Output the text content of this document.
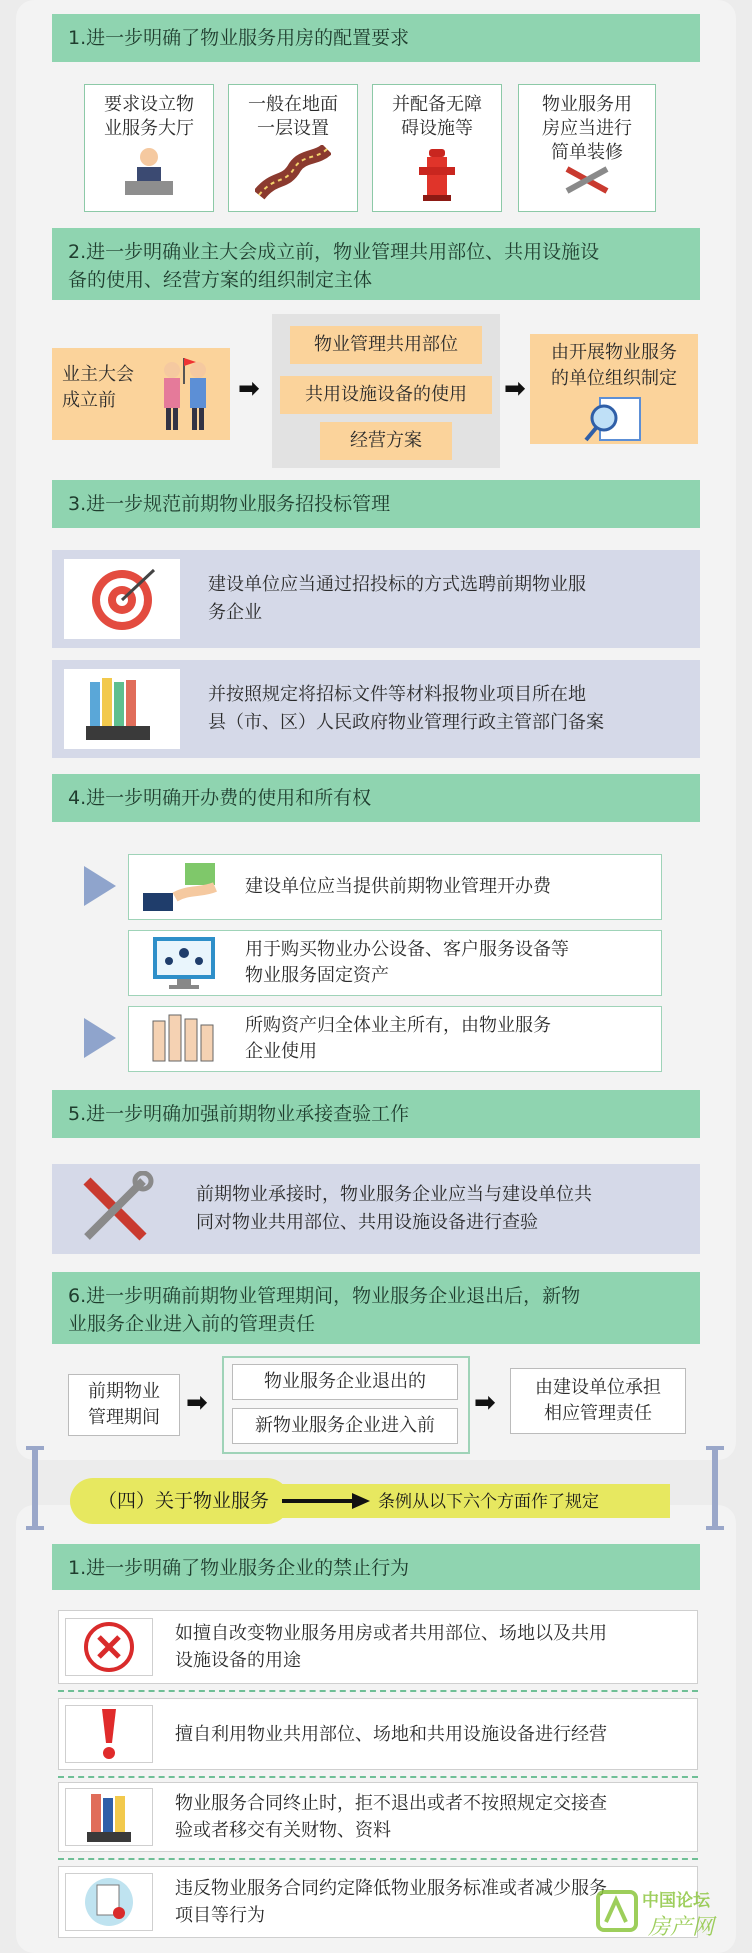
1.进一步明确了物业服务用房的配置要求
要求设立物
业服务大厅
一般在地面
一层设置
并配备无障
碍设施等
物业服务用
房应当进行
简单装修
2.进一步明确业主大会成立前，物业管理共用部位、共用设施设
备的使用、经营方案的组织制定主体
业主大会
成立前	➡
物业管理共用部位
共用设施设备的使用
经营方案
➡
由开展物业服务
的单位组织制定
3.进一步规范前期物业服务招投标管理
建设单位应当通过招投标的方式选聘前期物业服
务企业
并按照规定将招标文件等材料报物业项目所在地
县（市、区）人民政府物业管理行政主管部门备案
4.进一步明确开办费的使用和所有权
建设单位应当提供前期物业管理开办费
用于购买物业办公设备、客户服务设备等
物业服务固定资产
所购资产归全体业主所有，由物业服务
企业使用
5.进一步明确加强前期物业承接查验工作
前期物业承接时，物业服务企业应当与建设单位共
同对物业共用部位、共用设施设备进行查验
6.进一步明确前期物业管理期间，物业服务企业退出后，新物
业服务企业进入前的管理责任
前期物业
管理期间	➡
物业服务企业退出的
新物业服务企业进入前
➡
由建设单位承担
相应管理责任
（四）关于物业服务	条例从以下六个方面作了规定
1.进一步明确了物业服务企业的禁止行为
如擅自改变物业服务用房或者共用部位、场地以及共用
设施设备的用途
擅自利用物业共用部位、场地和共用设施设备进行经营
物业服务合同终止时，拒不退出或者不按照规定交接查
验或者移交有关财物、资料
违反物业服务合同约定降低物业服务标准或者减少服务
项目等行为
中国论坛
房产网
